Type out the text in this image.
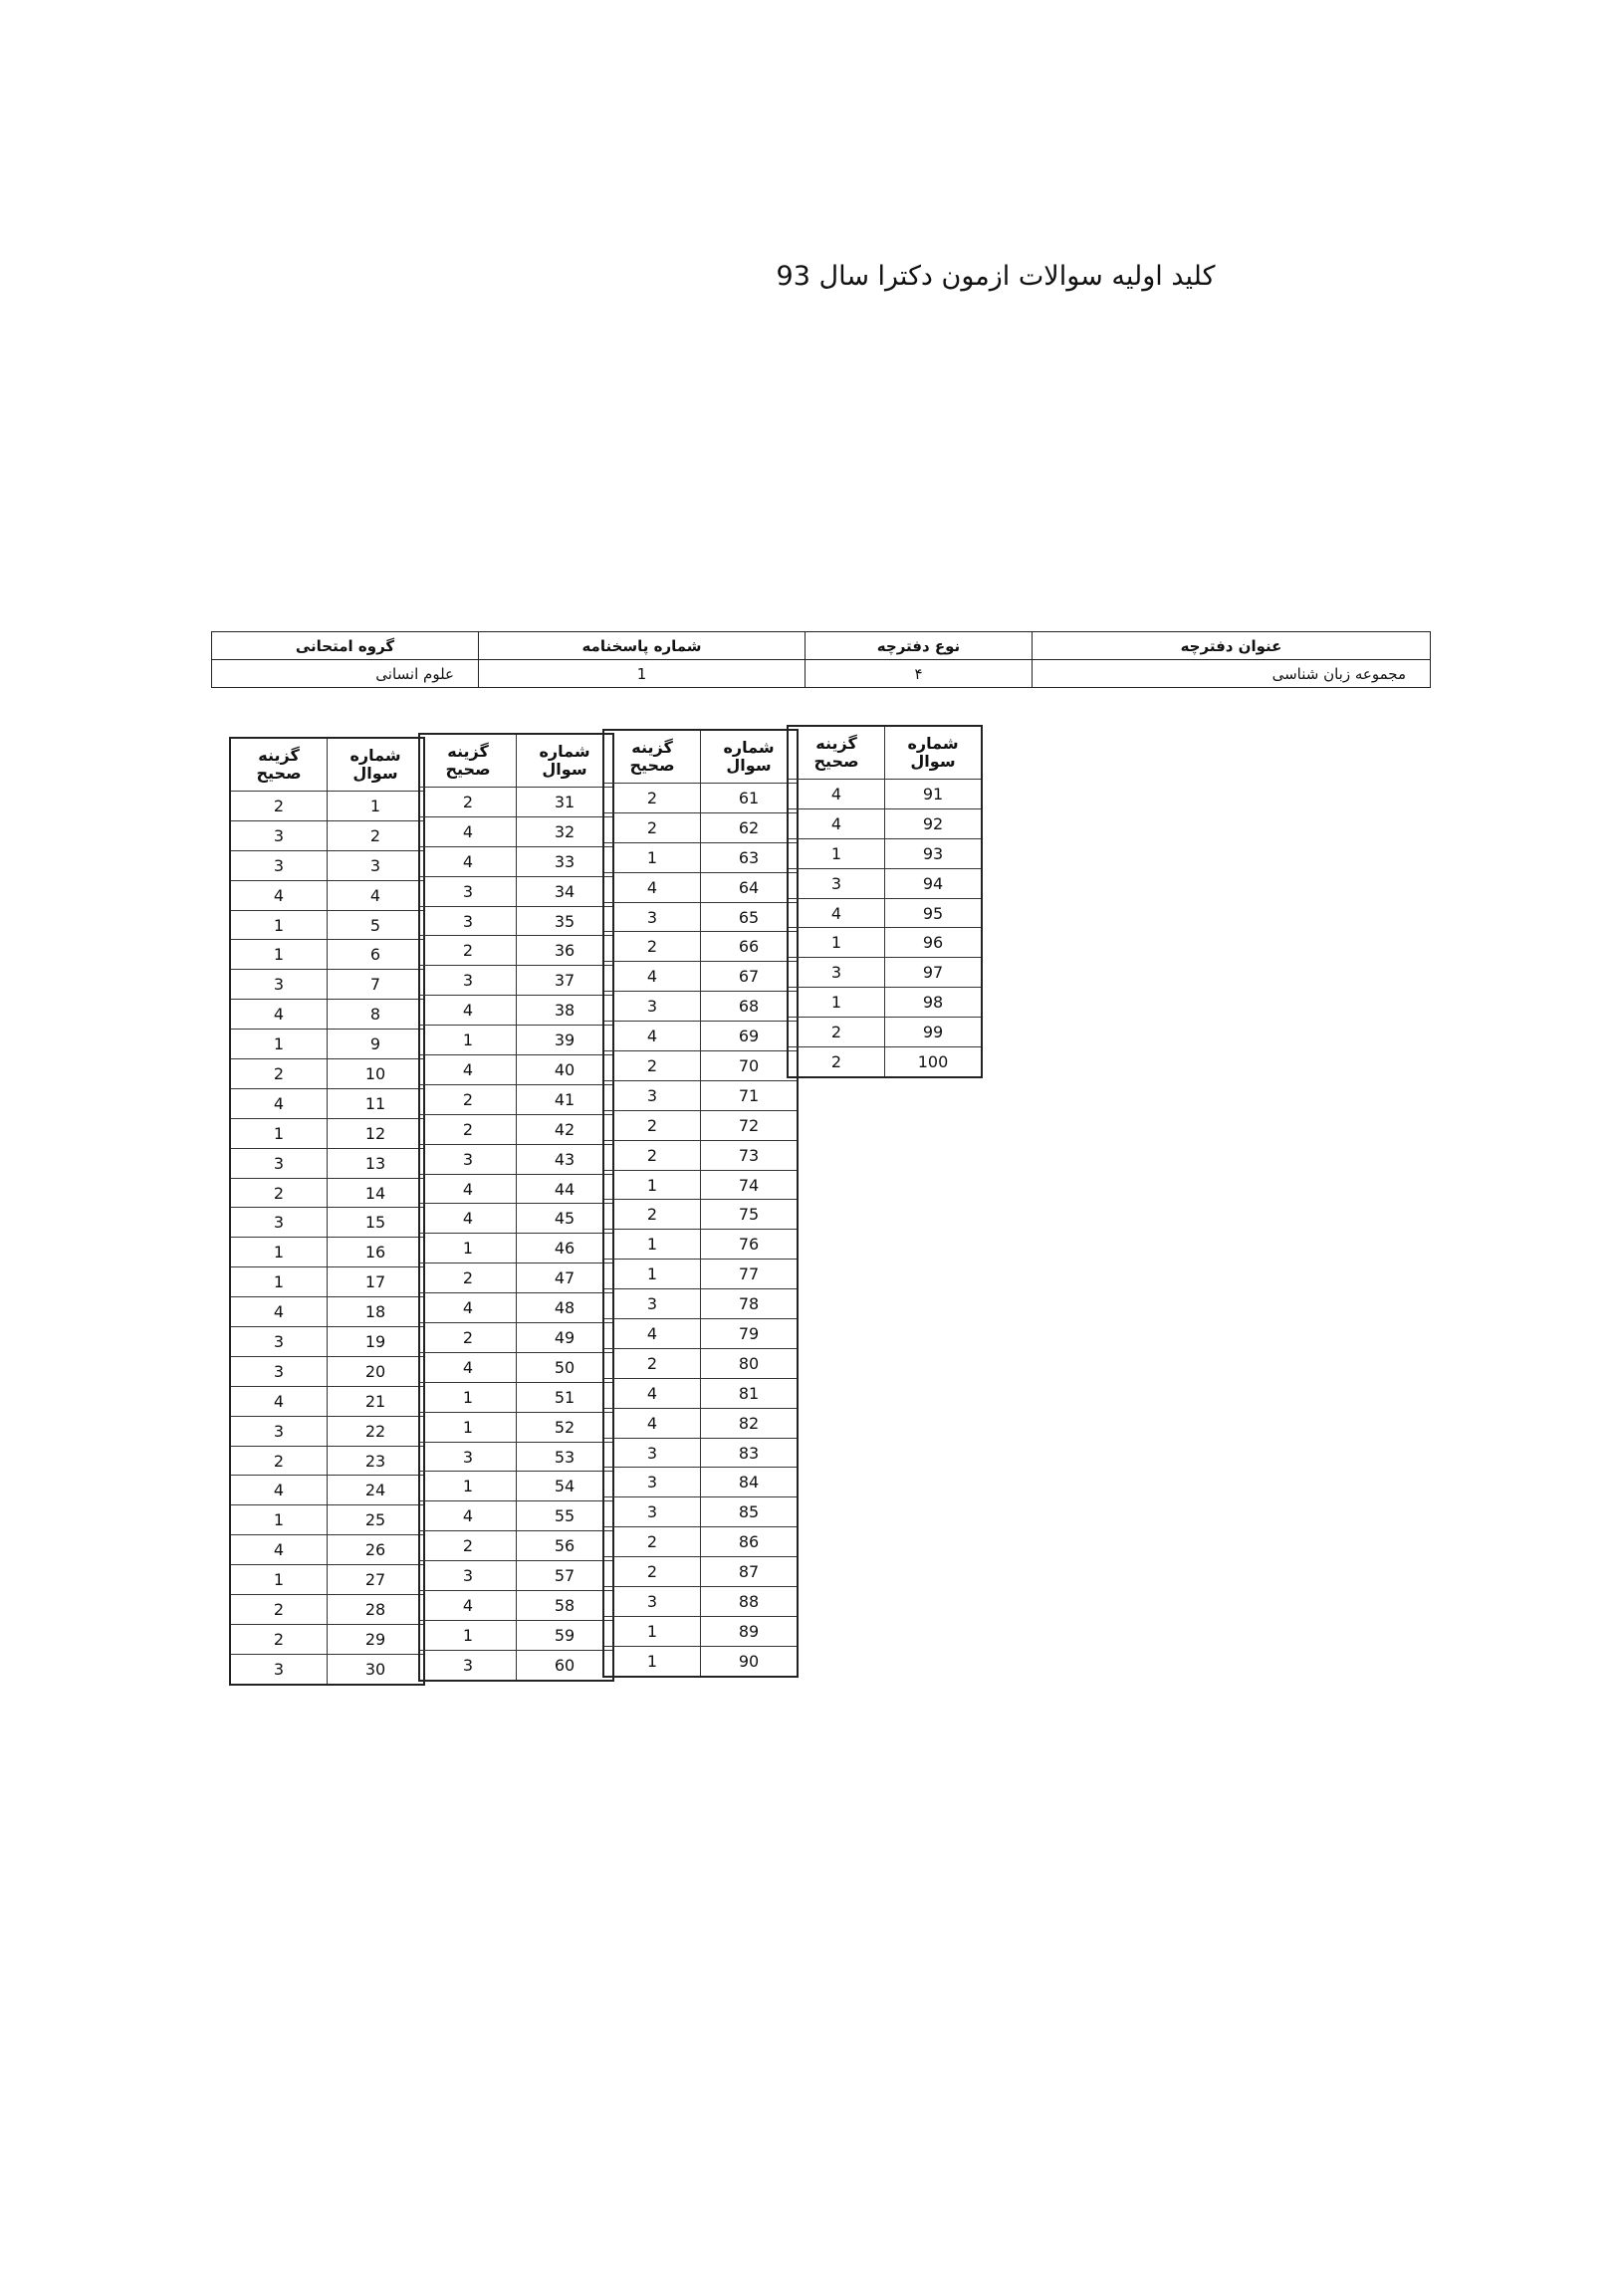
کلید اولیه سوالات ازمون دکترا سال 93
عنوان دفترچه	نوع دفترچه	شماره پاسخنامه	گروه امتحانی
مجموعه زبان شناسی	۴	1	علوم انسانی
شماره سوال	گزینه صحیح
1	2
2	3
3	3
4	4
5	1
6	1
7	3
8	4
9	1
10	2
11	4
12	1
13	3
14	2
15	3
16	1
17	1
18	4
19	3
20	3
21	4
22	3
23	2
24	4
25	1
26	4
27	1
28	2
29	2
30	3
شماره سوال	گزینه صحیح
31	2
32	4
33	4
34	3
35	3
36	2
37	3
38	4
39	1
40	4
41	2
42	2
43	3
44	4
45	4
46	1
47	2
48	4
49	2
50	4
51	1
52	1
53	3
54	1
55	4
56	2
57	3
58	4
59	1
60	3
شماره سوال	گزینه صحیح
61	2
62	2
63	1
64	4
65	3
66	2
67	4
68	3
69	4
70	2
71	3
72	2
73	2
74	1
75	2
76	1
77	1
78	3
79	4
80	2
81	4
82	4
83	3
84	3
85	3
86	2
87	2
88	3
89	1
90	1
شماره سوال	گزینه صحیح
91	4
92	4
93	1
94	3
95	4
96	1
97	3
98	1
99	2
100	2
